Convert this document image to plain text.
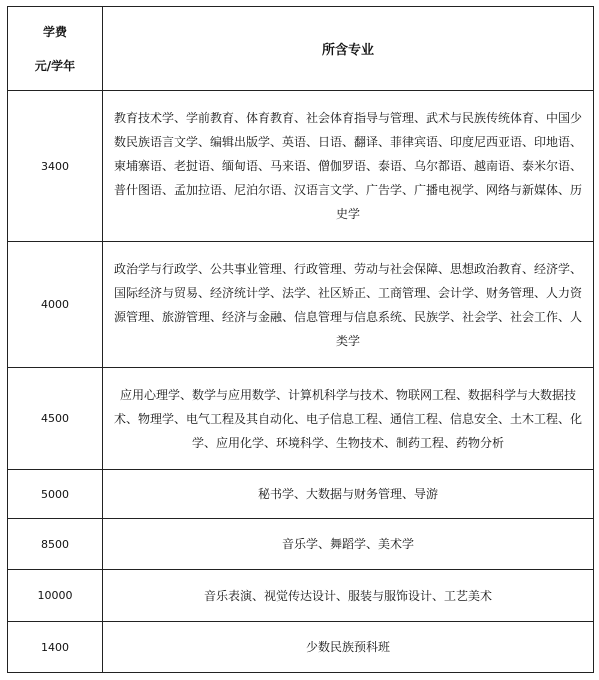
学费
元/学年	所含专业
3400	教育技术学、学前教育、体育教育、社会体育指导与管理、武术与民族传统体育、中国少数民族语言文学、编辑出版学、英语、日语、翻译、菲律宾语、印度尼西亚语、印地语、柬埔寨语、老挝语、缅甸语、马来语、僧伽罗语、泰语、乌尔都语、越南语、泰米尔语、普什图语、孟加拉语、尼泊尔语、汉语言文学、广告学、广播电视学、网络与新媒体、历史学
4000	政治学与行政学、公共事业管理、行政管理、劳动与社会保障、思想政治教育、经济学、国际经济与贸易、经济统计学、法学、社区矫正、工商管理、会计学、财务管理、人力资源管理、旅游管理、经济与金融、信息管理与信息系统、民族学、社会学、社会工作、人类学
4500	应用心理学、数学与应用数学、计算机科学与技术、物联网工程、数据科学与大数据技术、物理学、电气工程及其自动化、电子信息工程、通信工程、信息安全、土木工程、化学、应用化学、环境科学、生物技术、制药工程、药物分析
5000	秘书学、大数据与财务管理、导游
8500	音乐学、舞蹈学、美术学
10000	音乐表演、视觉传达设计、服装与服饰设计、工艺美术
1400	少数民族预科班
